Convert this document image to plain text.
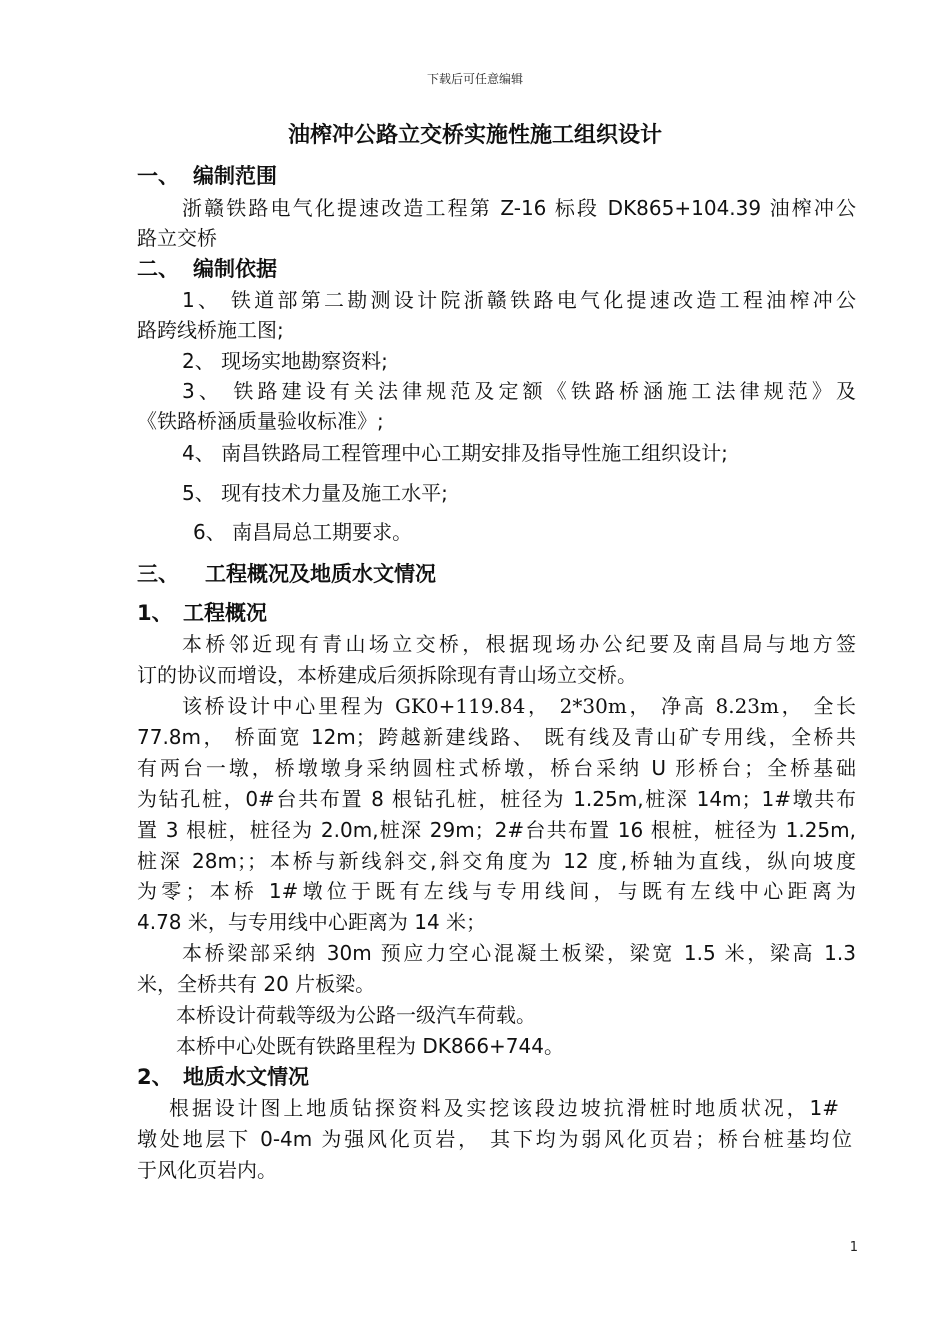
下载后可任意编辑
油榨冲公路立交桥实施性施工组织设计
一、 编制范围
浙赣铁路电气化提速改造工程第 Z-16 标段 DK865+104.39 油榨冲公
路立交桥
二、 编制依据
1、 铁道部第二勘测设计院浙赣铁路电气化提速改造工程油榨冲公
路跨线桥施工图;
2、 现场实地勘察资料;
3、 铁路建设有关法律规范及定额《铁路桥涵施工法律规范》及
《铁路桥涵质量验收标准》;
4、 南昌铁路局工程管理中心工期安排及指导性施工组织设计;
5、 现有技术力量及施工水平;
6、 南昌局总工期要求。
三、 工程概况及地质水文情况
1、 工程概况
本桥邻近现有青山场立交桥，根据现场办公纪要及南昌局与地方签
订的协议而增设，本桥建成后须拆除现有青山场立交桥。
该桥设计中心里程为 GK0+119.84， 2*30m， 净高 8.23m， 全长
77.8m， 桥面宽 12m；跨越新建线路、 既有线及青山矿专用线，全桥共
有两台一墩，桥墩墩身采纳圆柱式桥墩，桥台采纳 U 形桥台；全桥基础
为钻孔桩，0#台共布置 8 根钻孔桩，桩径为 1.25m,桩深 14m；1#墩共布
置 3 根桩，桩径为 2.0m,桩深 29m；2#台共布置 16 根桩，桩径为 1.25m,
桩深 28m；；本桥与新线斜交,斜交角度为 12 度,桥轴为直线，纵向坡度
为零；本桥 1#墩位于既有左线与专用线间，与既有左线中心距离为
4.78 米，与专用线中心距离为 14 米；
本桥梁部采纳 30m 预应力空心混凝土板梁，梁宽 1.5 米，梁高 1.3
米，全桥共有 20 片板梁。
本桥设计荷载等级为公路一级汽车荷载。
本桥中心处既有铁路里程为 DK866+744。
2、 地质水文情况
根据设计图上地质钻探资料及实挖该段边坡抗滑桩时地质状况，1#
墩处地层下 0-4m 为强风化页岩， 其下均为弱风化页岩；桥台桩基均位
于风化页岩内。
1
